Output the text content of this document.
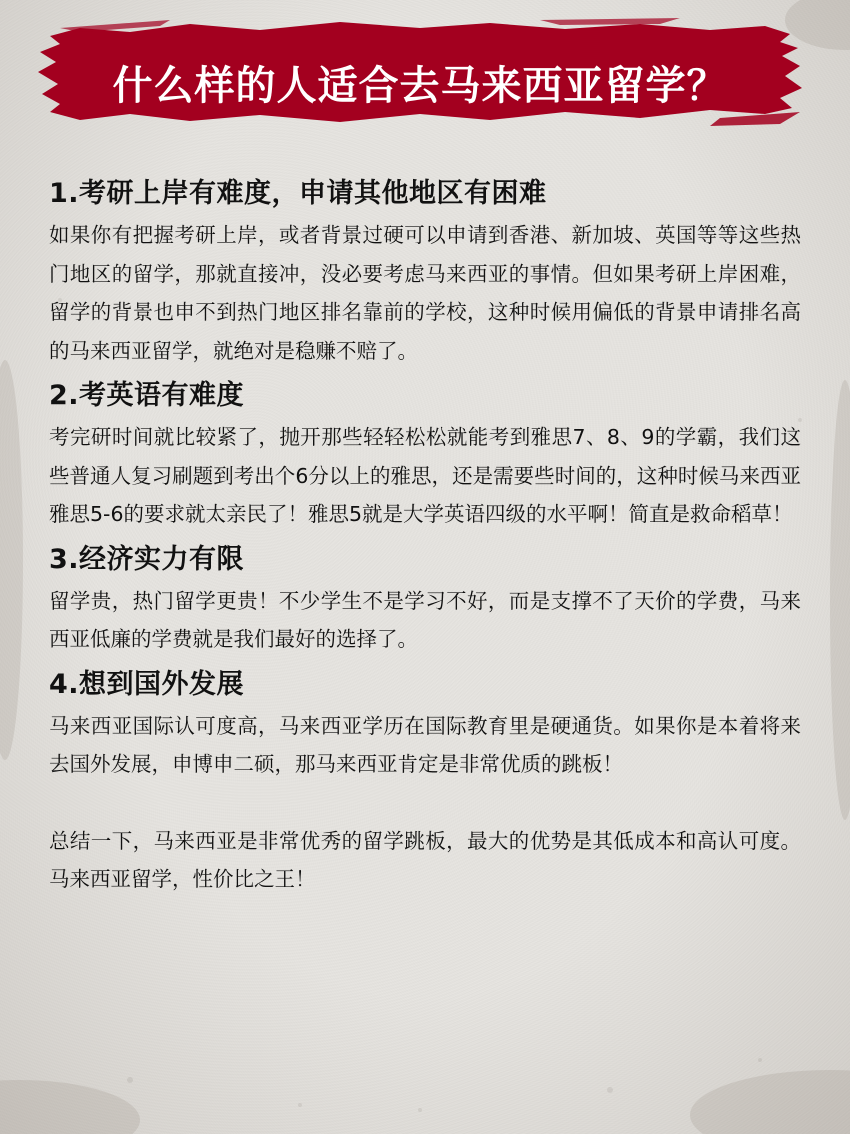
什么样的人适合去马来西亚留学？
1.考研上岸有难度，申请其他地区有困难

如果你有把握考研上岸，或者背景过硬可以申请到香港、新加坡、英国等等这些热门地区的留学，那就直接冲，没必要考虑马来西亚的事情。但如果考研上岸困难，留学的背景也申不到热门地区排名靠前的学校，这种时候用偏低的背景申请排名高的马来西亚留学，就绝对是稳赚不赔了。

2.考英语有难度

考完研时间就比较紧了，抛开那些轻轻松松就能考到雅思7、8、9的学霸，我们这些普通人复习刷题到考出个6分以上的雅思，还是需要些时间的，这种时候马来西亚雅思5-6的要求就太亲民了！雅思5就是大学英语四级的水平啊！简直是救命稻草！

3.经济实力有限

留学贵，热门留学更贵！不少学生不是学习不好，而是支撑不了天价的学费，马来西亚低廉的学费就是我们最好的选择了。

4.想到国外发展

马来西亚国际认可度高，马来西亚学历在国际教育里是硬通货。如果你是本着将来去国外发展，申博申二硕，那马来西亚肯定是非常优质的跳板！

总结一下，马来西亚是非常优秀的留学跳板，最大的优势是其低成本和高认可度。马来西亚留学，性价比之王！
